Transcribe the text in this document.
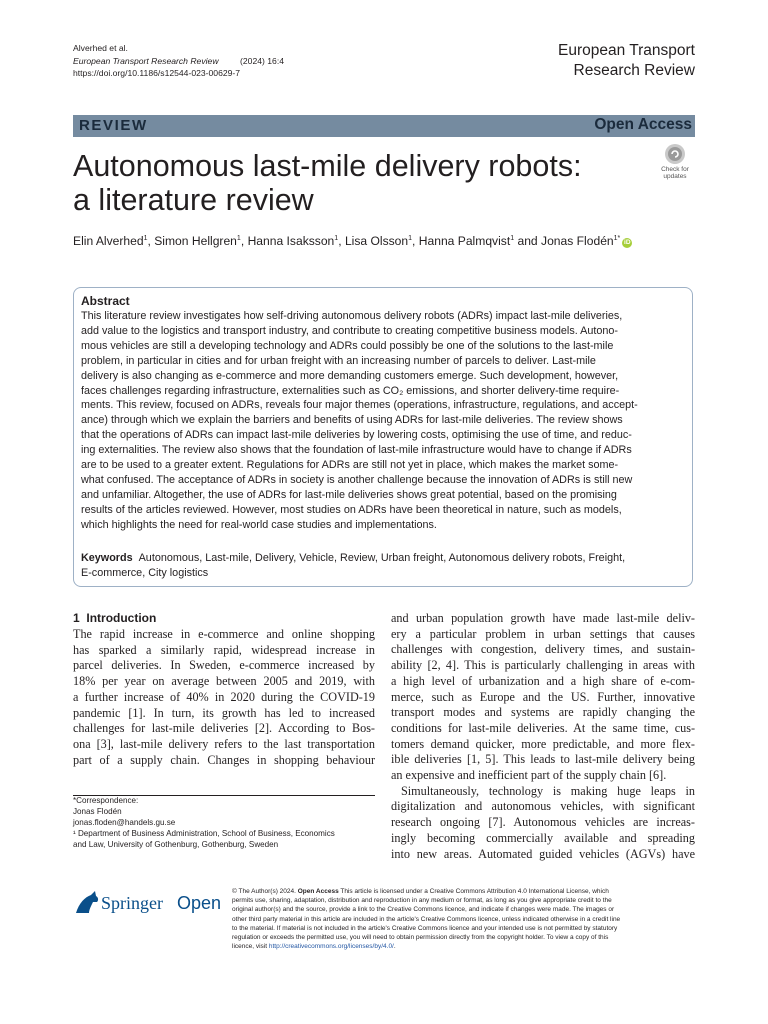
Alverhed et al.
European Transport Research Review	(2024) 16:4
https://doi.org/10.1186/s12544-023-00629-7
European Transport
Research Review
REVIEW	Open Access
Autonomous last-mile delivery robots:
a literature review
Check for
updates
Elin Alverhed$^1$, Simon Hellgren$^1$, Hanna Isaksson$^1$, Lisa Olsson$^1$, Hanna Palmqvist$^1$ and Jonas Flodén$^{1*}$iD
Abstract
This literature review investigates how self-driving autonomous delivery robots (ADRs) impact last-mile deliveries,
add value to the logistics and transport industry, and contribute to creating competitive business models. Autono-
mous vehicles are still a developing technology and ADRs could possibly be one of the solutions to the last-mile
problem, in particular in cities and for urban freight with an increasing number of parcels to deliver. Last-mile
delivery is also changing as e-commerce and more demanding customers emerge. Such development, however,
faces challenges regarding infrastructure, externalities such as CO₂ emissions, and shorter delivery-time require-
ments. This review, focused on ADRs, reveals four major themes (operations, infrastructure, regulations, and accept-
ance) through which we explain the barriers and benefits of using ADRs for last-mile deliveries. The review shows
that the operations of ADRs can impact last-mile deliveries by lowering costs, optimising the use of time, and reduc-
ing externalities. The review also shows that the foundation of last-mile infrastructure would have to change if ADRs
are to be used to a greater extent. Regulations for ADRs are still not yet in place, which makes the market some-
what confused. The acceptance of ADRs in society is another challenge because the innovation of ADRs is still new
and unfamiliar. Altogether, the use of ADRs for last-mile deliveries shows great potential, based on the promising
results of the articles reviewed. However, most studies on ADRs have been theoretical in nature, such as models,
which highlights the need for real-world case studies and implementations.
Keywords Autonomous, Last-mile, Delivery, Vehicle, Review, Urban freight, Autonomous delivery robots, Freight,
E-commerce, City logistics
1 Introduction
The rapid increase in e-commerce and online shopping
has sparked a similarly rapid, widespread increase in
parcel deliveries. In Sweden, e-commerce increased by
18% per year on average between 2005 and 2019, with
a further increase of 40% in 2020 during the COVID-19
pandemic [1]. In turn, its growth has led to increased
challenges for last-mile deliveries [2]. According to Bos-
ona [3], last-mile delivery refers to the last transportation
part of a supply chain. Changes in shopping behaviour
and urban population growth have made last-mile deliv-
ery a particular problem in urban settings that causes
challenges with congestion, delivery times, and sustain-
ability [2, 4]. This is particularly challenging in areas with
a high level of urbanization and a high share of e-com-
merce, such as Europe and the US. Further, innovative
transport modes and systems are rapidly changing the
conditions for last-mile deliveries. At the same time, cus-
tomers demand quicker, more predictable, and more flex-
ible deliveries [1, 5]. This leads to last-mile delivery being
an expensive and inefficient part of the supply chain [6].
Simultaneously, technology is making huge leaps in
digitalization and autonomous vehicles, with significant
research ongoing [7]. Autonomous vehicles are increas-
ingly becoming commercially available and spreading
into new areas. Automated guided vehicles (AGVs) have
*Correspondence:
Jonas Flodén
jonas.floden@handels.gu.se
¹ Department of Business Administration, School of Business, Economics
and Law, University of Gothenburg, Gothenburg, Sweden
Springer Open
© The Author(s) 2024. Open Access This article is licensed under a Creative Commons Attribution 4.0 International License, which
permits use, sharing, adaptation, distribution and reproduction in any medium or format, as long as you give appropriate credit to the
original author(s) and the source, provide a link to the Creative Commons licence, and indicate if changes were made. The images or
other third party material in this article are included in the article's Creative Commons licence, unless indicated otherwise in a credit line
to the material. If material is not included in the article's Creative Commons licence and your intended use is not permitted by statutory
regulation or exceeds the permitted use, you will need to obtain permission directly from the copyright holder. To view a copy of this
licence, visit http://creativecommons.org/licenses/by/4.0/.
